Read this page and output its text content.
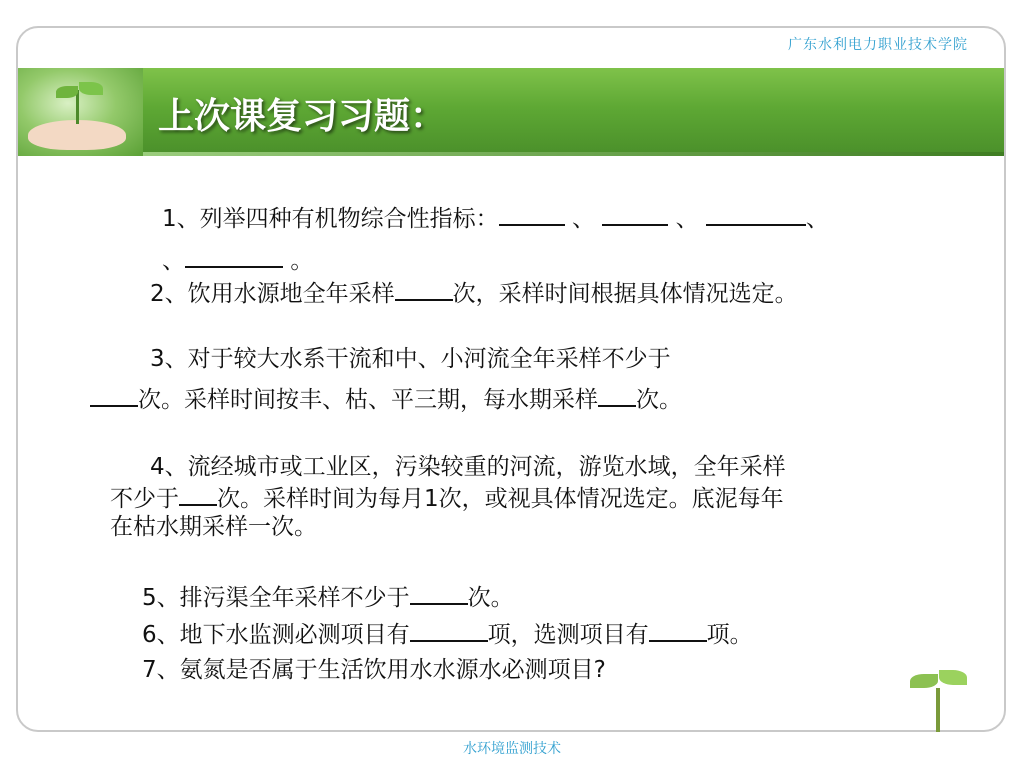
广东水利电力职业技术学院
上次课复习习题：

1、列举四种有机物综合性指标：	、	、	、

、	。

2、饮用水源地全年采样	次，采样时间根据具体情况选定。

3、对于较大水系干流和中、小河流全年采样不少于

次。采样时间按丰、枯、平三期，每水期采样 次。

4、流经城市或工业区，污染较重的河流，游览水域，全年采样

不少于 次。采样时间为每月1次，或视具体情况选定。底泥每年

在枯水期采样一次。

5、排污渠全年采样不少于	次。

6、地下水监测必测项目有	项，选测项目有	项。

7、氨氮是否属于生活饮用水水源水必测项目?

水环境监测技术
